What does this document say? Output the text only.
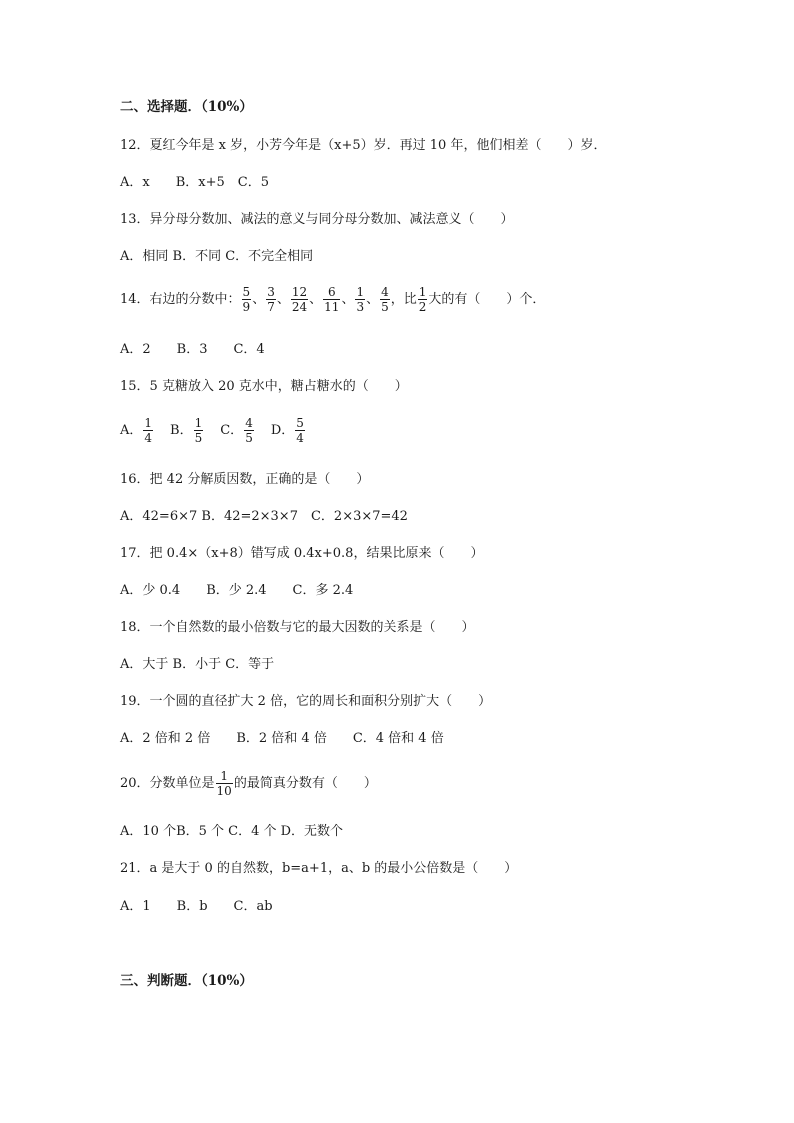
二、选择题．（10%）
12．夏红今年是 x 岁，小芳今年是（x+5）岁．再过 10 年，他们相差（　　）岁．
A．x　　B．x+5　C．5
13．异分母分数加、减法的意义与同分母分数加、减法意义（　　）
A．相同 B．不同 C．不完全相同
14．右边的分数中： $\frac{5}{9}$ 、 $\frac{3}{7}$ 、 $\frac{12}{24}$ 、 $\frac{6}{11}$ 、 $\frac{1}{3}$ 、 $\frac{4}{5}$ ，比 $\frac{1}{2}$ 大的有（　　）个．
A．2　　B．3　　C．4
15．5 克糖放入 20 克水中，糖占糖水的（　　）
A． $\frac{1}{4}$ B． $\frac{1}{5}$ C． $\frac{4}{5}$ D． $\frac{5}{4}$
16．把 42 分解质因数，正确的是（　　）
A．42=6×7 B．42=2×3×7　C．2×3×7=42
17．把 0.4×（x+8）错写成 0.4x+0.8，结果比原来（　　）
A．少 0.4　　B．少 2.4　　C．多 2.4
18．一个自然数的最小倍数与它的最大因数的关系是（　　）
A．大于 B．小于 C．等于
19．一个圆的直径扩大 2 倍，它的周长和面积分别扩大（　　）
A．2 倍和 2 倍　　B．2 倍和 4 倍　　C．4 倍和 4 倍
20．分数单位是 $\frac{1}{10}$ 的最简真分数有（　　）
A．10 个B．5 个 C．4 个 D．无数个
21．a 是大于 0 的自然数，b=a+1，a、b 的最小公倍数是（　　）
A．1　　B．b　　C．ab
三、判断题．（10%）
